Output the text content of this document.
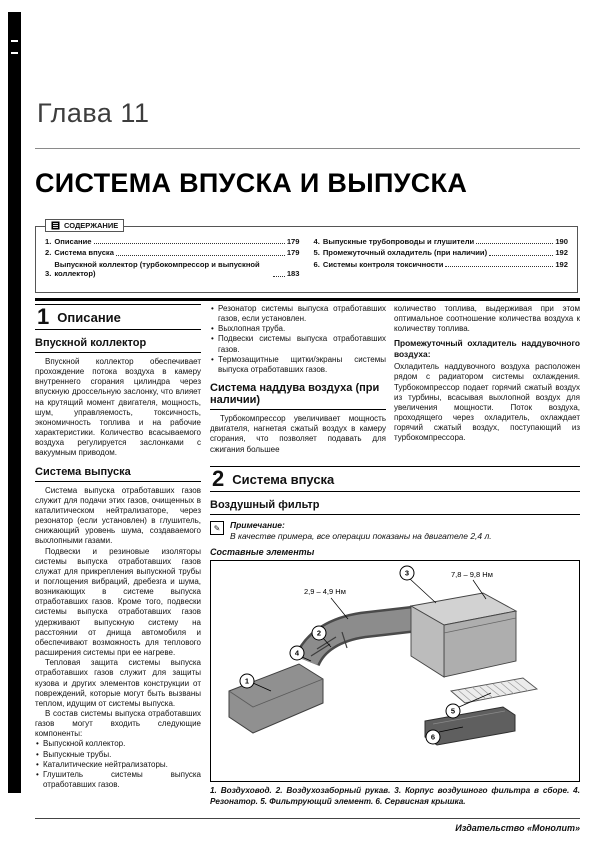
Глава 11
СИСТЕМА ВПУСКА И ВЫПУСКА
СОДЕРЖАНИЕ
1. Описание	179
2. Система впуска	179
3.
Выпускной коллектор (турбокомпрессор и выпускной коллектор)	183
4. Выпускные трубопроводы и глушители	190
5. Промежуточный охладитель (при наличии)	192
6. Системы контроля токсичности	192
1 Описание
Впускной коллектор

Впускной коллектор обеспечивает прохождение потока воздуха в камеру внутреннего сгорания цилиндра через впускную дроссельную заслонку, что влияет на крутящий момент двигателя, мощность, шум, управляемость, токсичность, экономичность топлива и на рабочие характеристики. Количество всасываемого воздуха регулируется заслонками с вакуумным приводом.

Система выпуска

Система выпуска отработавших газов служит для подачи этих газов, очищенных в каталитическом нейтрализаторе, через резонатор (если установлен) в глушитель, снижающий уровень шума, создаваемого выхлопными газами.

Подвески и резиновые изоляторы системы выпуска отработавших газов служат для прикрепления выпускной трубы и поглощения вибраций, дребезга и шума, возникающих в системе выпуска отработавших газов. Кроме того, подвески системы выпуска отработавших газов удерживают выпускную систему на расстоянии от днища автомобиля и обеспечивают возможность для теплового расширения системы при ее нагреве.

Тепловая защита системы выпуска отработавших газов служит для защиты кузова и других элементов конструкции от повреждений, которые могут быть вызваны теплом, идущим от системы выпуска.

В состав системы выпуска отработавших газов могут входить следующие компоненты:

• Выпускной коллектор.
• Выпускные трубы.
• Каталитические нейтрализаторы.
• Глушитель системы выпуска отработавших газов.
• Резонатор системы выпуска отработавших газов, если установлен.
• Выхлопная труба.
• Подвески системы выпуска отработавших газов.
• Термозащитные щитки/экраны системы выпуска отработавших газов.
Система наддува воздуха (при наличии)

Турбокомпрессор увеличивает мощность двигателя, нагнетая сжатый воздух в камеру сгорания, что позволяет подавать для сжигания большее

количество топлива, выдерживая при этом оптимальное соотношение количества воздуха к количеству топлива.

Промежуточный охладитель наддувочного воздуха:

Охладитель наддувочного воздуха расположен рядом с радиатором системы охлаждения. Турбокомпрессор подает горячий сжатый воздух из турбины, всасывая выхлопной воздух для увеличения мощности. Поток воздуха, проходящего через охладитель, охлаждает горячий сжатый воздух, поступающий из турбокомпрессора.

2 Система впуска
Воздушный фильтр
✎
Примечание:
В качестве примера, все операции показаны на двигателе 2,4 л.
Составные элементы
2,9 – 4,9 Нм
7,8 – 9,8 Нм
1
2
3
4
5
6
1. Воздуховод. 2. Воздухозаборный рукав. 3. Корпус воздушного фильтра в сборе. 4. Резонатор. 5. Фильтрующий элемент. 6. Сервисная крышка.
Издательство «Монолит»
